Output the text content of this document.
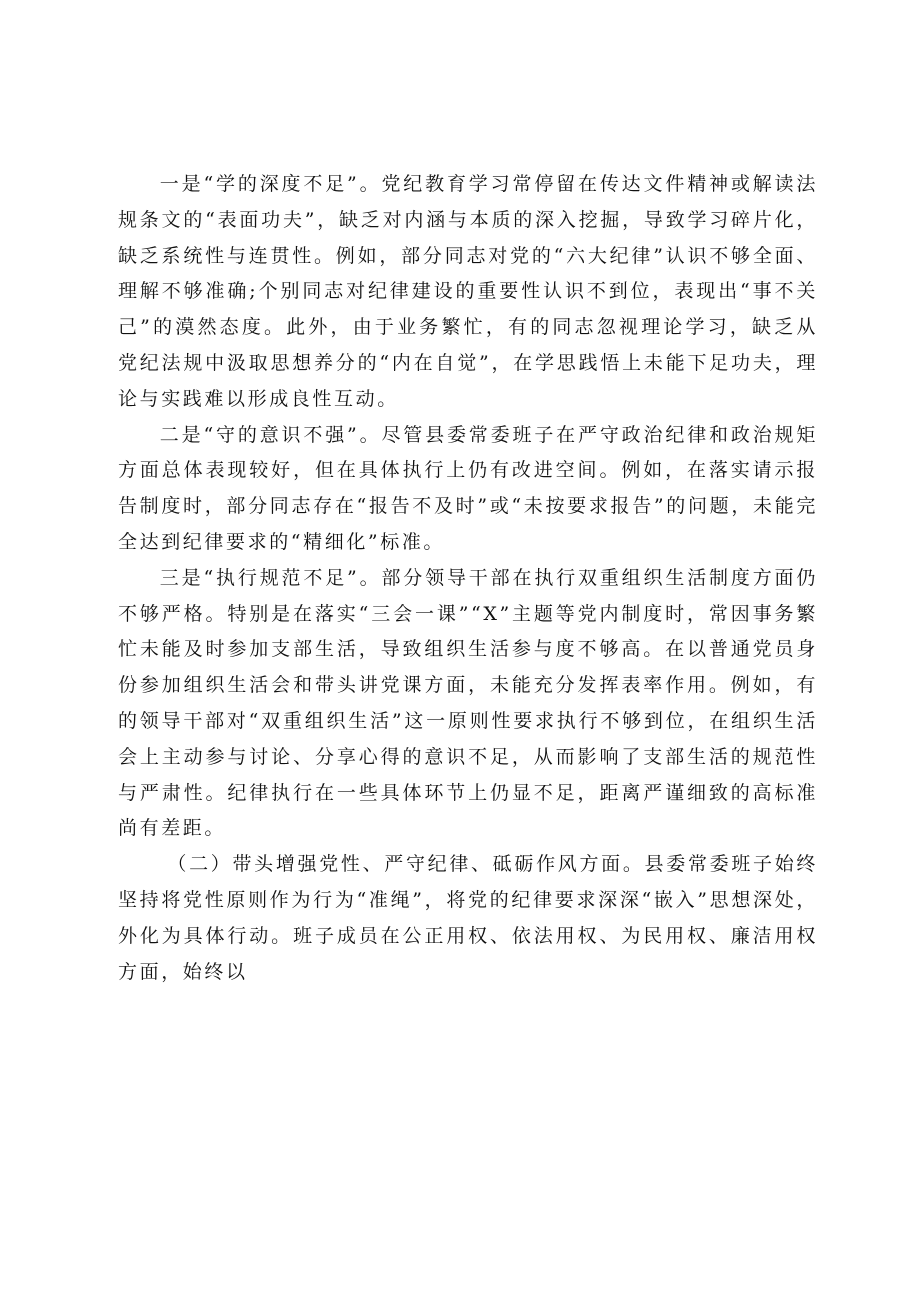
一是“学的深度不足”。党纪教育学习常停留在传达文件精神或解读法规条文的“表面功夫”，缺乏对内涵与本质的深入挖掘，导致学习碎片化，缺乏系统性与连贯性。例如，部分同志对党的“六大纪律”认识不够全面、理解不够准确;个别同志对纪律建设的重要性认识不到位，表现出“事不关己”的漠然态度。此外，由于业务繁忙，有的同志忽视理论学习，缺乏从党纪法规中汲取思想养分的“内在自觉”，在学思践悟上未能下足功夫，理论与实践难以形成良性互动。

二是“守的意识不强”。尽管县委常委班子在严守政治纪律和政治规矩方面总体表现较好，但在具体执行上仍有改进空间。例如，在落实请示报告制度时，部分同志存在“报告不及时”或“未按要求报告”的问题，未能完全达到纪律要求的“精细化”标准。

三是“执行规范不足”。部分领导干部在执行双重组织生活制度方面仍不够严格。特别是在落实“三会一课”“X”主题等党内制度时，常因事务繁忙未能及时参加支部生活，导致组织生活参与度不够高。在以普通党员身份参加组织生活会和带头讲党课方面，未能充分发挥表率作用。例如，有的领导干部对“双重组织生活”这一原则性要求执行不够到位，在组织生活会上主动参与讨论、分享心得的意识不足，从而影响了支部生活的规范性与严肃性。纪律执行在一些具体环节上仍显不足，距离严谨细致的高标准尚有差距。

（二）带头增强党性、严守纪律、砥砺作风方面。县委常委班子始终坚持将党性原则作为行为“准绳”，将党的纪律要求深深“嵌入”思想深处，外化为具体行动。班子成员在公正用权、依法用权、为民用权、廉洁用权方面，始终以
